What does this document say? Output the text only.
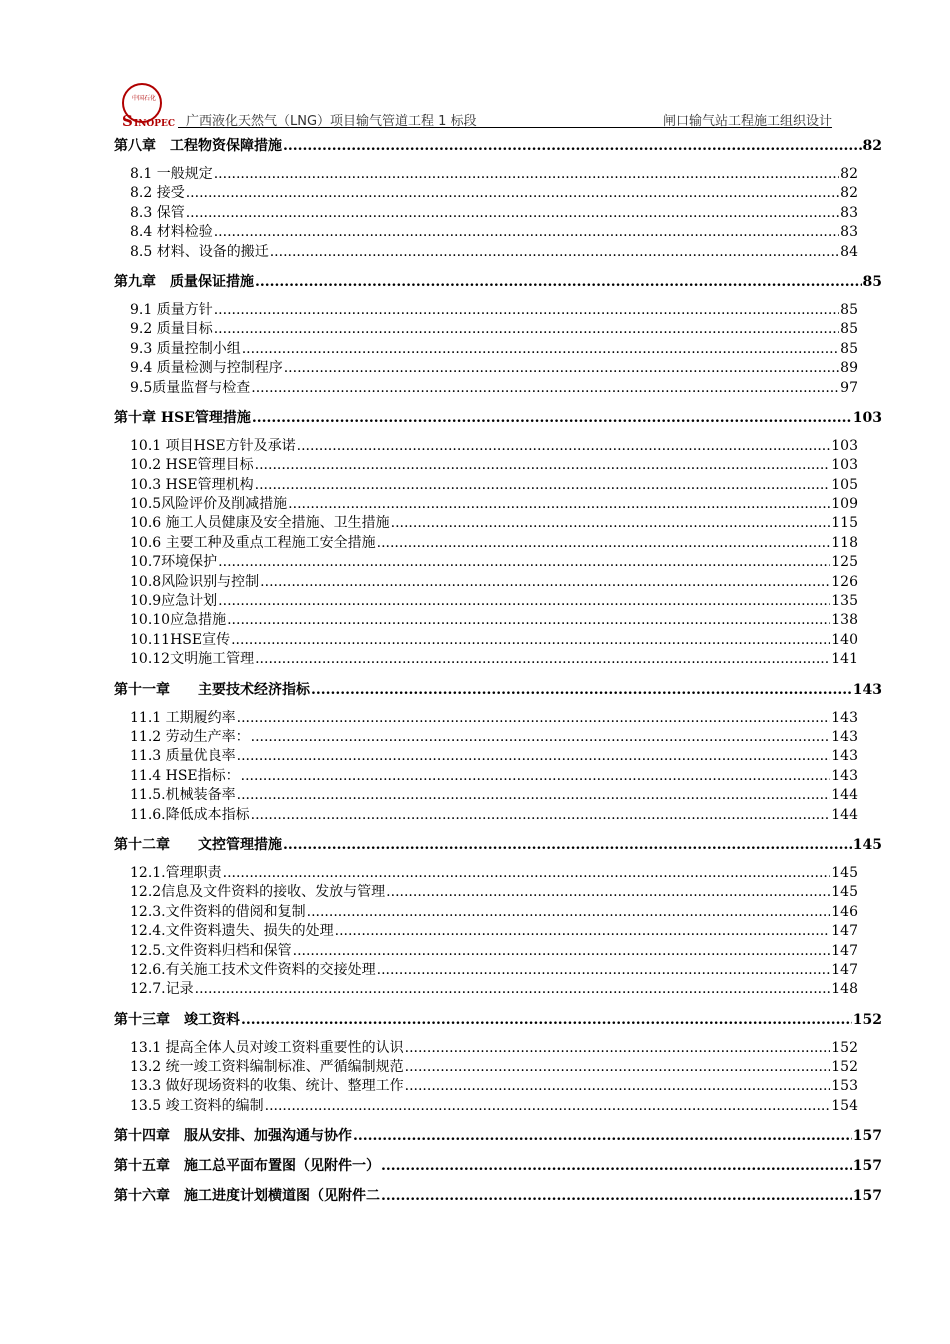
中国石化
S INOPEC 广西液化天然气（LNG）项目输气管道工程 1 标段	闸口输气站工程施工组织设计
第八章　工程物资保障措施 .....	82
8.1 一般规定 .....	82
8.2 接受 .....	82
8.3 保管 .....	83
8.4 材料检验 .....	83
8.5 材料、设备的搬迁 .....	84
第九章　质量保证措施 .....	85
9.1 质量方针 .....	85
9.2 质量目标 .....	85
9.3 质量控制小组 .....	85
9.4 质量检测与控制程序 .....	89
9.5质量监督与检查 .....	97
第十章 HSE管理措施 .....	103
10.1 项目HSE方针及承诺 .....	103
10.2 HSE管理目标 .....	103
10.3 HSE管理机构 .....	105
10.5风险评价及削减措施 .....	109
10.6 施工人员健康及安全措施、卫生措施 .....	115
10.6 主要工种及重点工程施工安全措施 .....	118
10.7环境保护 .....	125
10.8风险识别与控制 .....	126
10.9应急计划 .....	135
10.10应急措施 .....	138
10.11HSE宣传 .....	140
10.12文明施工管理 .....	141
第十一章　　主要技术经济指标 .....	143
11.1 工期履约率 .....	143
11.2 劳动生产率： .....	143
11.3 质量优良率 .....	143
11.4 HSE指标： .....	143
11.5.机械装备率 .....	144
11.6.降低成本指标 .....	144
第十二章　　文控管理措施 .....	145
12.1.管理职责 .....	145
12.2信息及文件资料的接收、发放与管理 .....	145
12.3.文件资料的借阅和复制 .....	146
12.4.文件资料遗失、损失的处理 .....	147
12.5.文件资料归档和保管 .....	147
12.6.有关施工技术文件资料的交接处理 .....	147
12.7.记录 .....	148
第十三章　竣工资料 .....	152
13.1 提高全体人员对竣工资料重要性的认识 .....	152
13.2 统一竣工资料编制标准、严循编制规范 .....	152
13.3 做好现场资料的收集、统计、整理工作 .....	153
13.5 竣工资料的编制 .....	154
第十四章　服从安排、加强沟通与协作 .....	157
第十五章　施工总平面布置图（见附件一） .....	157
第十六章　施工进度计划横道图（见附件二 .....	157
